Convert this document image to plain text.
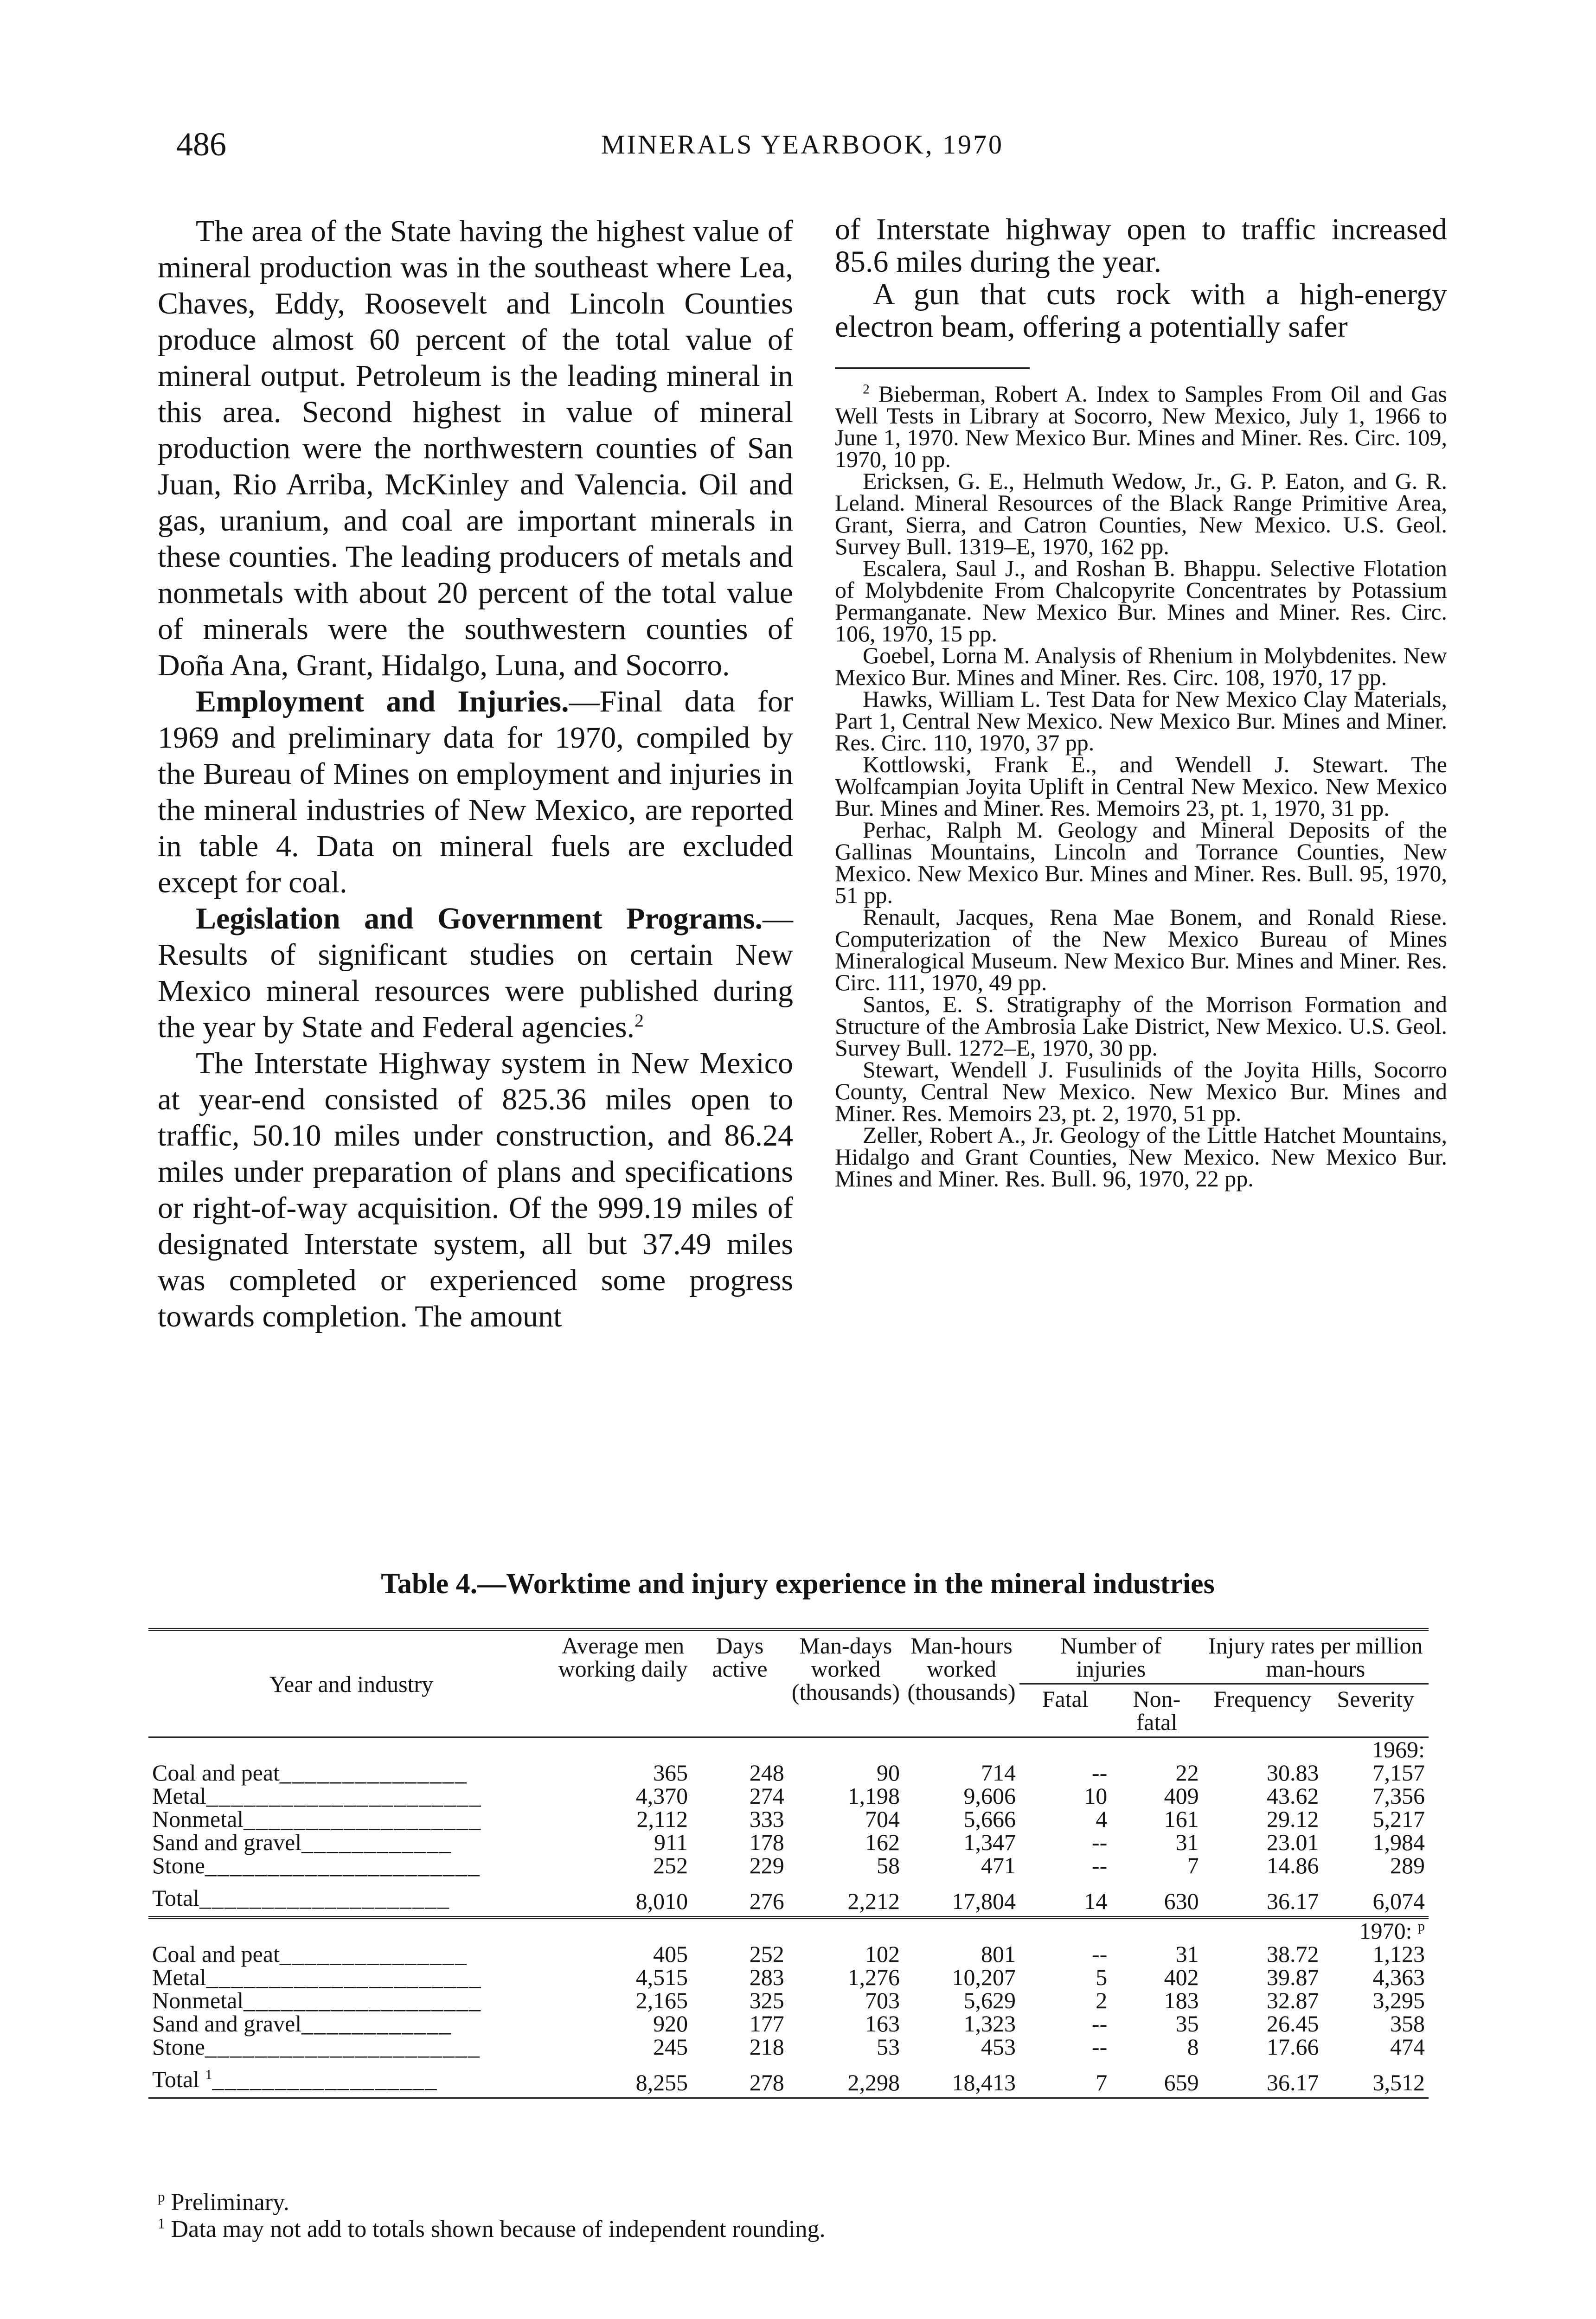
486	MINERALS YEARBOOK, 1970

The area of the State having the highest value of mineral production was in the southeast where Lea, Chaves, Eddy, Roosevelt and Lincoln Counties produce almost 60 percent of the total value of mineral output. Petroleum is the leading mineral in this area. Second highest in value of mineral production were the northwestern counties of San Juan, Rio Arriba, McKinley and Valencia. Oil and gas, uranium, and coal are important minerals in these counties. The leading producers of metals and nonmetals with about 20 percent of the total value of minerals were the southwestern counties of Doña Ana, Grant, Hidalgo, Luna, and Socorro.

Employment and Injuries.—Final data for 1969 and preliminary data for 1970, compiled by the Bureau of Mines on employment and injuries in the mineral industries of New Mexico, are reported in table 4. Data on mineral fuels are excluded except for coal.

Legislation and Government Programs.—Results of significant studies on certain New Mexico mineral resources were published during the year by State and Federal agencies.$^2$

The Interstate Highway system in New Mexico at year-end consisted of 825.36 miles open to traffic, 50.10 miles under construction, and 86.24 miles under preparation of plans and specifications or right-of-way acquisition. Of the 999.19 miles of designated Interstate system, all but 37.49 miles was completed or experienced some progress towards completion. The amount

of Interstate highway open to traffic increased 85.6 miles during the year.

A gun that cuts rock with a high-energy electron beam, offering a potentially safer

$^2$ Bieberman, Robert A. Index to Samples From Oil and Gas Well Tests in Library at Socorro, New Mexico, July 1, 1966 to June 1, 1970. New Mexico Bur. Mines and Miner. Res. Circ. 109, 1970, 10 pp.

Ericksen, G. E., Helmuth Wedow, Jr., G. P. Eaton, and G. R. Leland. Mineral Resources of the Black Range Primitive Area, Grant, Sierra, and Catron Counties, New Mexico. U.S. Geol. Survey Bull. 1319–E, 1970, 162 pp.

Escalera, Saul J., and Roshan B. Bhappu. Selective Flotation of Molybdenite From Chalcopyrite Concentrates by Potassium Permanganate. New Mexico Bur. Mines and Miner. Res. Circ. 106, 1970, 15 pp.

Goebel, Lorna M. Analysis of Rhenium in Molybdenites. New Mexico Bur. Mines and Miner. Res. Circ. 108, 1970, 17 pp.

Hawks, William L. Test Data for New Mexico Clay Materials, Part 1, Central New Mexico. New Mexico Bur. Mines and Miner. Res. Circ. 110, 1970, 37 pp.

Kottlowski, Frank E., and Wendell J. Stewart. The Wolfcampian Joyita Uplift in Central New Mexico. New Mexico Bur. Mines and Miner. Res. Memoirs 23, pt. 1, 1970, 31 pp.

Perhac, Ralph M. Geology and Mineral Deposits of the Gallinas Mountains, Lincoln and Torrance Counties, New Mexico. New Mexico Bur. Mines and Miner. Res. Bull. 95, 1970, 51 pp.

Renault, Jacques, Rena Mae Bonem, and Ronald Riese. Computerization of the New Mexico Bureau of Mines Mineralogical Museum. New Mexico Bur. Mines and Miner. Res. Circ. 111, 1970, 49 pp.

Santos, E. S. Stratigraphy of the Morrison Formation and Structure of the Ambrosia Lake District, New Mexico. U.S. Geol. Survey Bull. 1272–E, 1970, 30 pp.

Stewart, Wendell J. Fusulinids of the Joyita Hills, Socorro County, Central New Mexico. New Mexico Bur. Mines and Miner. Res. Memoirs 23, pt. 2, 1970, 51 pp.

Zeller, Robert A., Jr. Geology of the Little Hatchet Mountains, Hidalgo and Grant Counties, New Mexico. New Mexico Bur. Mines and Miner. Res. Bull. 96, 1970, 22 pp.

Table 4.—Worktime and injury experience in the mineral industries
Year and industry	Average men working daily	Days active	Man-days worked (thousands)	Man-hours worked (thousands)	Number of injuries		Injury rates per million man-hours	
					Fatal	Non-fatal	Frequency	Severity
1969:								
Coal and peat_______________	365	248	90	714	--	22	30.83	7,157
Metal______________________	4,370	274	1,198	9,606	10	409	43.62	7,356
Nonmetal___________________	2,112	333	704	5,666	4	161	29.12	5,217
Sand and gravel____________	911	178	162	1,347	--	31	23.01	1,984
Stone______________________	252	229	58	471	--	7	14.86	289
Total____________________	8,010	276	2,212	17,804	14	630	36.17	6,074
1970: $^p$
Coal and peat_______________	405	252	102	801	--	31	38.72	1,123
Metal______________________	4,515	283	1,276	10,207	5	402	39.87	4,363
Nonmetal___________________	2,165	325	703	5,629	2	183	32.87	3,295
Sand and gravel____________	920	177	163	1,323	--	35	26.45	358
Stone______________________	245	218	53	453	--	8	17.66	474
Total $^1$__________________	8,255	278	2,298	18,413	7	659	36.17	3,512

$^p$ Preliminary.

$^1$ Data may not add to totals shown because of independent rounding.
